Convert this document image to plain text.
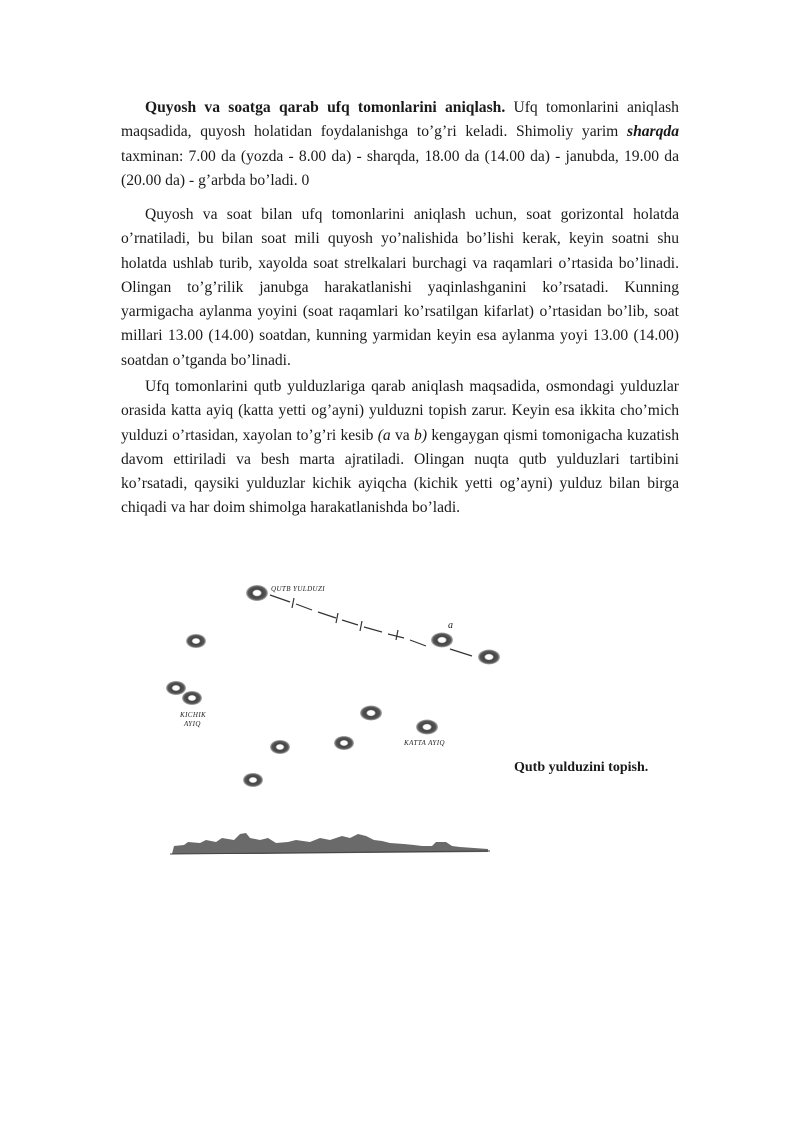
Quyosh va soatga qarab ufq tomonlarini aniqlash. Ufq tomonlarini aniqlash maqsadida, quyosh holatidan foydalanishga to’g’ri keladi. Shimoliy yarim sharqda taxminan: 7.00 da (yozda - 8.00 da) - sharqda, 18.00 da (14.00 da) - janubda, 19.00 da (20.00 da) - g’arbda bo’ladi. 0

Quyosh va soat bilan ufq tomonlarini aniqlash uchun, soat gorizontal holatda o’rnatiladi, bu bilan soat mili quyosh yo’nalishida bo’lishi kerak, keyin soatni shu holatda ushlab turib, xayolda soat strelkalari burchagi va raqamlari o’rtasida bo’linadi. Olingan to’g’rilik janubga harakatlanishi yaqinlashganini ko’rsatadi. Kunning yarmigacha aylanma yoyini (soat raqamlari ko’rsatilgan kifarlat) o’rtasidan bo’lib, soat millari 13.00 (14.00) soatdan, kunning yarmidan keyin esa aylanma yoyi 13.00 (14.00) soatdan o’tganda bo’linadi.

Ufq tomonlarini qutb yulduzlariga qarab aniqlash maqsadida, osmondagi yulduzlar orasida katta ayiq (katta yetti og’ayni) yulduzni topish zarur. Keyin esa ikkita cho’mich yulduzi o’rtasidan, xayolan to’g’ri kesib (a va b) kengaygan qismi tomonigacha kuzatish davom ettiriladi va besh marta ajratiladi. Olingan nuqta qutb yulduzlari tartibini ko’rsatadi, qaysiki yulduzlar kichik ayiqcha (kichik yetti og’ayni) yulduz bilan birga chiqadi va har doim shimolga harakatlanishda bo’ladi.

QUTB YULDUZI
a
KICHIK
AYIQ
KATTA AYIQ

Qutb yulduzini topish.
